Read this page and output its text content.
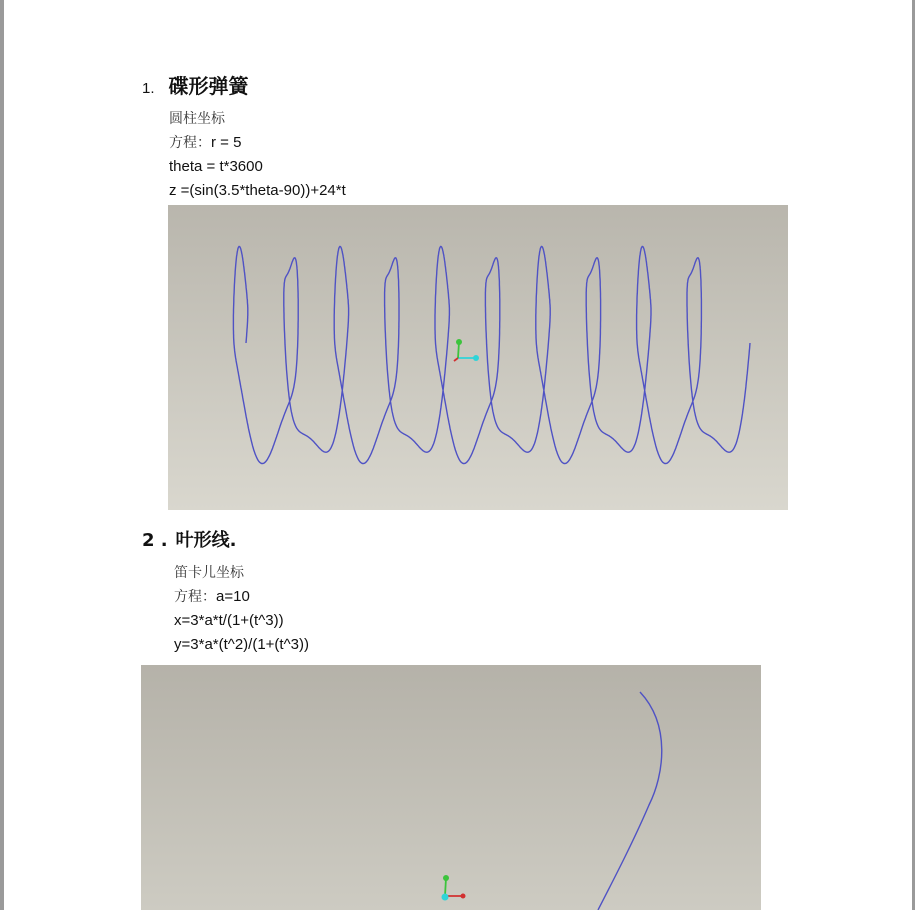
1. 碟形弹簧
圆柱坐标
方程：r = 5
theta = t*3600
z =(sin(3.5*theta-90))+24*t
2 . 叶形线.
笛卡儿坐标
方程：a=10
x=3*a*t/(1+(t^3))
y=3*a*(t^2)/(1+(t^3))
